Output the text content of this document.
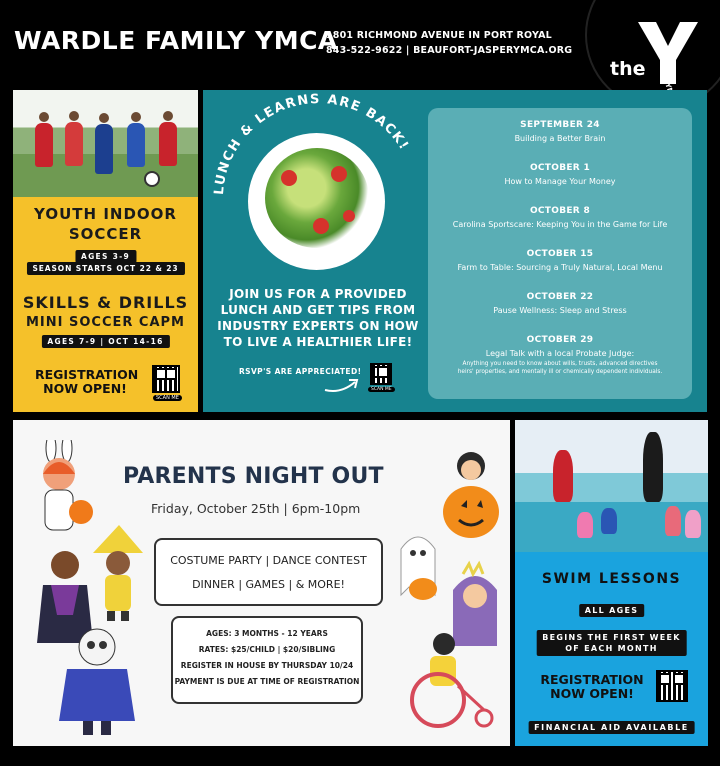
WARDLE FAMILY YMCA
1801 RICHMOND AVENUE IN PORT ROYAL
843-522-9622 | BEAUFORT-JASPERYMCA.ORG
the
YOUTH INDOOR
SOCCER
AGES 3-9
SEASON STARTS OCT 22 & 23
SKILLS & DRILLS
MINI SOCCER CAPM
AGES 7-9 | OCT 14-16
REGISTRATION
NOW OPEN!
SCAN ME
LUNCH & LEARNS ARE BACK!
JOIN US FOR A PROVIDED LUNCH AND GET TIPS FROM INDUSTRY EXPERTS ON HOW TO LIVE A HEALTHIER LIFE!
RSVP'S ARE APPRECIATED!
SCAN ME
SEPTEMBER 24
Building a Better Brain
OCTOBER 1
How to Manage Your Money
OCTOBER 8
Carolina Sportscare: Keeping You in the Game for Life
OCTOBER 15
Farm to Table: Sourcing a Truly Natural, Local Menu
OCTOBER 22
Pause Wellness: Sleep and Stress
OCTOBER 29
Legal Talk with a local Probate Judge:
Anything you need to know about wills, trusts, advanced directives
heirs' properties, and mentally ill or chemically dependent individuals.
PARENTS NIGHT OUT
Friday, October 25th | 6pm-10pm
COSTUME PARTY | DANCE CONTEST
DINNER | GAMES | & MORE!
AGES: 3 MONTHS - 12 YEARS
RATES: $25/CHILD | $20/SIBLING
REGISTER IN HOUSE BY THURSDAY 10/24
PAYMENT IS DUE AT TIME OF REGISTRATION
SWIM LESSONS
ALL AGES
BEGINS THE FIRST WEEK
OF EACH MONTH
REGISTRATION
NOW OPEN!
FINANCIAL AID AVAILABLE
